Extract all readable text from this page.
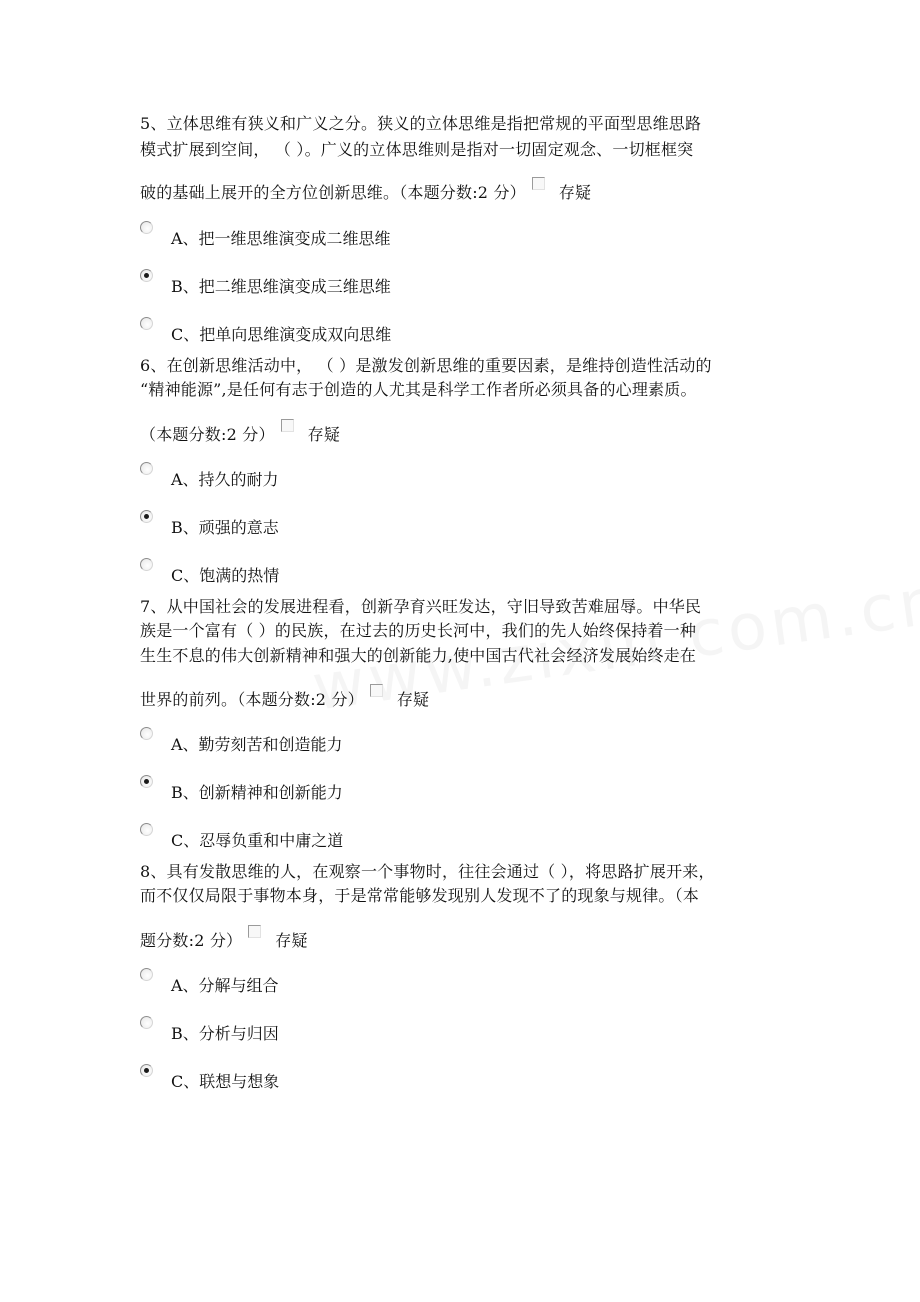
5、立体思维有狭义和广义之分。狭义的立体思维是指把常规的平面型思维思路
模式扩展到空间， （ ）。广义的立体思维则是指对一切固定观念、一切框框突
破的基础上展开的全方位创新思维。（本题分数:2 分） 存疑
A、把一维思维演变成二维思维
B、把二维思维演变成三维思维
C、把单向思维演变成双向思维
6、在创新思维活动中， （ ）是激发创新思维的重要因素，是维持创造性活动的
“精神能源”,是任何有志于创造的人尤其是科学工作者所必须具备的心理素质。
（本题分数:2 分） 存疑
A、持久的耐力
B、顽强的意志
C、饱满的热情
7、从中国社会的发展进程看，创新孕育兴旺发达，守旧导致苦难屈辱。中华民
族是一个富有（ ）的民族，在过去的历史长河中，我们的先人始终保持着一种
生生不息的伟大创新精神和强大的创新能力,使中国古代社会经济发展始终走在
世界的前列。（本题分数:2 分） 存疑
A、勤劳刻苦和创造能力
B、创新精神和创新能力
C、忍辱负重和中庸之道
8、具有发散思维的人，在观察一个事物时，往往会通过（ ），将思路扩展开来，
而不仅仅局限于事物本身，于是常常能够发现别人发现不了的现象与规律。（本
题分数:2 分） 存疑
A、分解与组合
B、分析与归因
C、联想与想象
